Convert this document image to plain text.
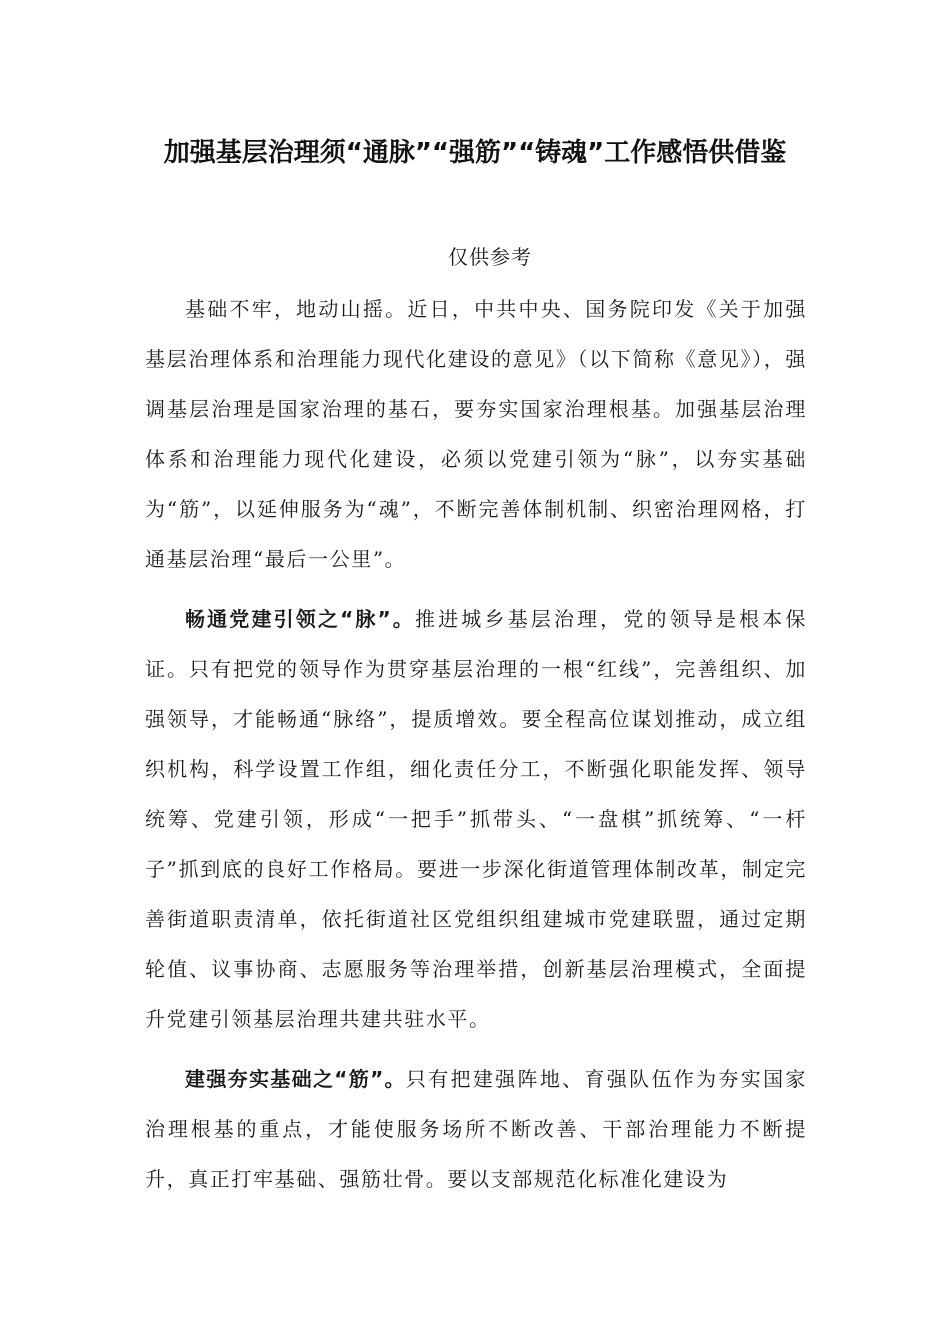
加强基层治理须“通脉”“强筋”“铸魂”工作感悟供借鉴
仅供参考

基础不牢，地动山摇。近日，中共中央、国务院印发《关于加强基层治理体系和治理能力现代化建设的意见》（以下简称《意见》），强调基层治理是国家治理的基石，要夯实国家治理根基。加强基层治理体系和治理能力现代化建设，必须以党建引领为“脉”，以夯实基础为“筋”，以延伸服务为“魂”，不断完善体制机制、织密治理网格，打通基层治理“最后一公里”。

畅通党建引领之“脉”。推进城乡基层治理，党的领导是根本保证。只有把党的领导作为贯穿基层治理的一根“红线”，完善组织、加强领导，才能畅通“脉络”，提质增效。要全程高位谋划推动，成立组织机构，科学设置工作组，细化责任分工，不断强化职能发挥、领导统筹、党建引领，形成“一把手”抓带头、“一盘棋”抓统筹、“一杆子”抓到底的良好工作格局。要进一步深化街道管理体制改革，制定完善街道职责清单，依托街道社区党组织组建城市党建联盟，通过定期轮值、议事协商、志愿服务等治理举措，创新基层治理模式，全面提升党建引领基层治理共建共驻水平。

建强夯实基础之“筋”。只有把建强阵地、育强队伍作为夯实国家治理根基的重点，才能使服务场所不断改善、干部治理能力不断提升，真正打牢基础、强筋壮骨。要以支部规范化标准化建设为
